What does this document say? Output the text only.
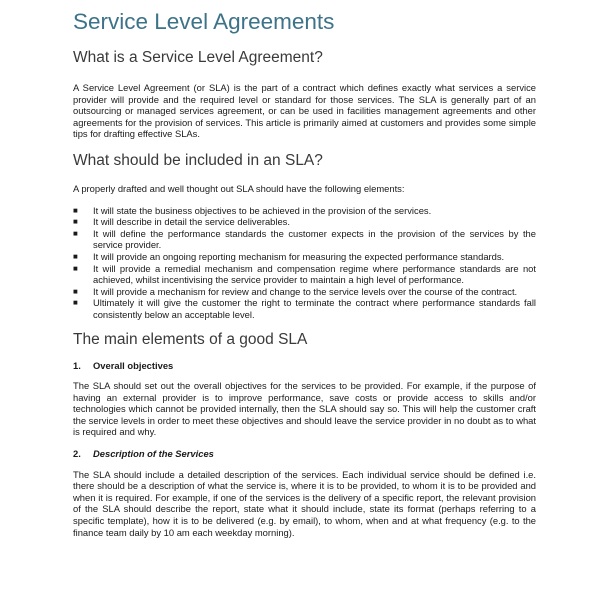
Service Level Agreements
What is a Service Level Agreement?

A Service Level Agreement (or SLA) is the part of a contract which defines exactly what services a service provider will provide and the required level or standard for those services. The SLA is generally part of an outsourcing or managed services agreement, or can be used in facilities management agreements and other agreements for the provision of services. This article is primarily aimed at customers and provides some simple tips for drafting effective SLAs.

What should be included in an SLA?

A properly drafted and well thought out SLA should have the following elements:

■ It will state the business objectives to be achieved in the provision of the services.
■ It will describe in detail the service deliverables.
■ It will define the performance standards the customer expects in the provision of the services by the service provider.
■ It will provide an ongoing reporting mechanism for measuring the expected performance standards.
■ It will provide a remedial mechanism and compensation regime where performance standards are not achieved, whilst incentivising the service provider to maintain a high level of performance.
■ It will provide a mechanism for review and change to the service levels over the course of the contract.
■ Ultimately it will give the customer the right to terminate the contract where performance standards fall consistently below an acceptable level.
The main elements of a good SLA
1. Overall objectives

The SLA should set out the overall objectives for the services to be provided. For example, if the purpose of having an external provider is to improve performance, save costs or provide access to skills and/or technologies which cannot be provided internally, then the SLA should say so. This will help the customer craft the service levels in order to meet these objectives and should leave the service provider in no doubt as to what is required and why.

2. Description of the Services

The SLA should include a detailed description of the services. Each individual service should be defined i.e. there should be a description of what the service is, where it is to be provided, to whom it is to be provided and when it is required. For example, if one of the services is the delivery of a specific report, the relevant provision of the SLA should describe the report, state what it should include, state its format (perhaps referring to a specific template), how it is to be delivered (e.g. by email), to whom, when and at what frequency (e.g. to the finance team daily by 10 am each weekday morning).
